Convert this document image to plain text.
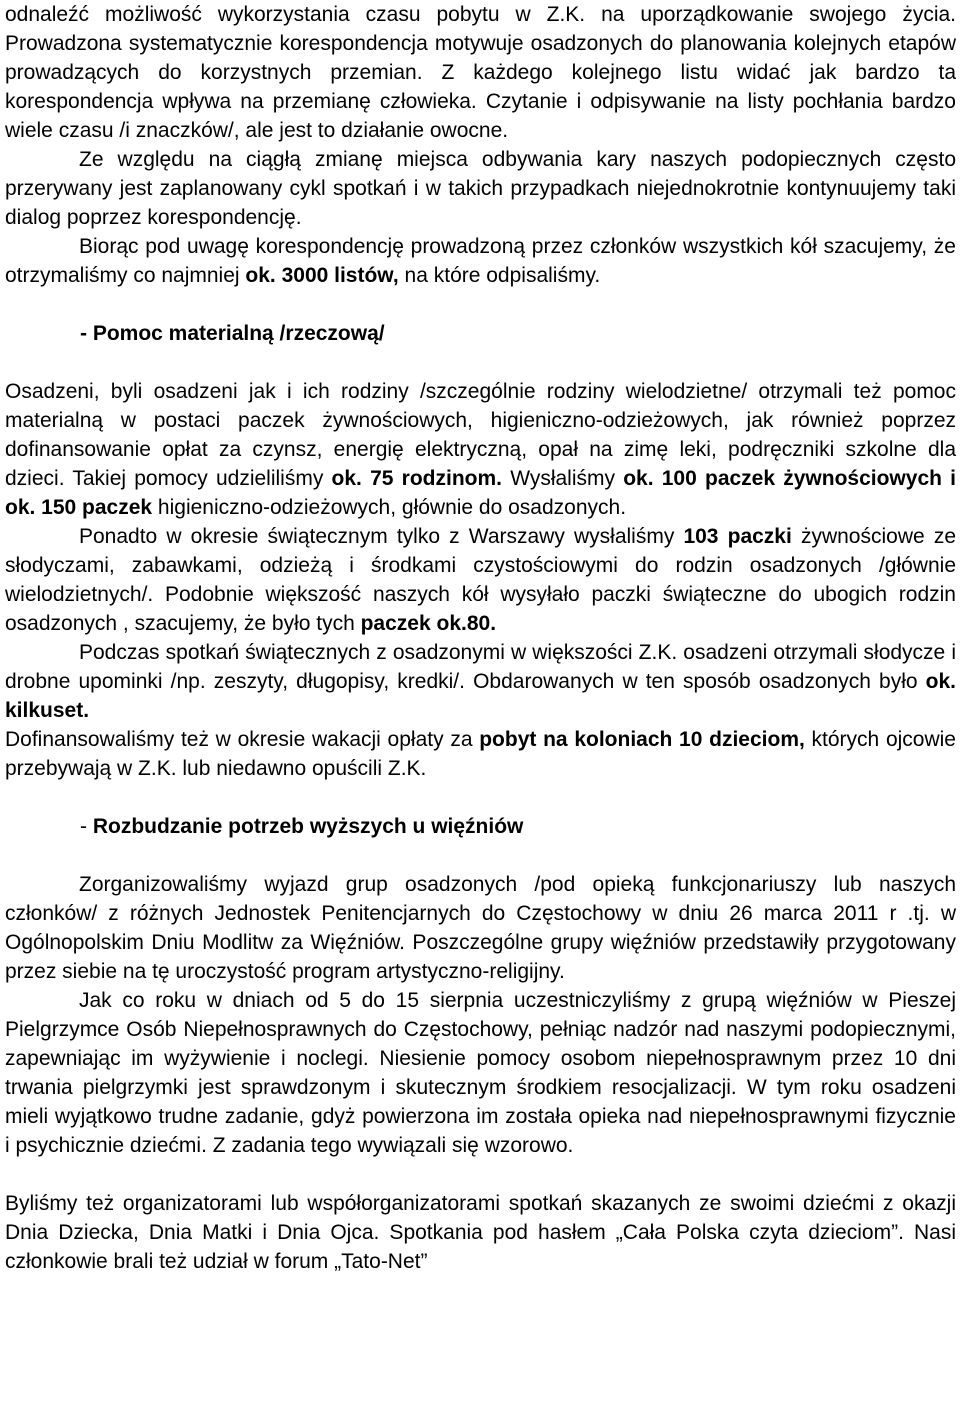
odnaleźć możliwość wykorzystania czasu pobytu w Z.K. na uporządkowanie swojego życia. Prowadzona systematycznie korespondencja motywuje osadzonych do planowania kolejnych etapów prowadzących do korzystnych przemian. Z każdego kolejnego listu widać jak bardzo ta korespondencja wpływa na przemianę człowieka. Czytanie i odpisywanie na listy pochłania bardzo wiele czasu /i znaczków/, ale jest to działanie owocne.

Ze względu na ciągłą zmianę miejsca odbywania kary naszych podopiecznych często przerywany jest zaplanowany cykl spotkań i w takich przypadkach niejednokrotnie kontynuujemy taki dialog poprzez korespondencję.

Biorąc pod uwagę korespondencję prowadzoną przez członków wszystkich kół szacujemy, że otrzymaliśmy co najmniej ok. 3000 listów, na które odpisaliśmy.

- Pomoc materialną /rzeczową/

Osadzeni, byli osadzeni jak i ich rodziny /szczególnie rodziny wielodzietne/ otrzymali też pomoc materialną w postaci paczek żywnościowych, higieniczno-odzieżowych, jak również poprzez dofinansowanie opłat za czynsz, energię elektryczną, opał na zimę leki, podręczniki szkolne dla dzieci. Takiej pomocy udzieliliśmy ok. 75 rodzinom. Wysłaliśmy ok. 100 paczek żywnościowych i ok. 150 paczek higieniczno-odzieżowych, głównie do osadzonych.

Ponadto w okresie świątecznym tylko z Warszawy wysłaliśmy 103 paczki żywnościowe ze słodyczami, zabawkami, odzieżą i środkami czystościowymi do rodzin osadzonych /głównie wielodzietnych/. Podobnie większość naszych kół wysyłało paczki świąteczne do ubogich rodzin osadzonych , szacujemy, że było tych paczek ok.80.

Podczas spotkań świątecznych z osadzonymi w większości Z.K. osadzeni otrzymali słodycze i drobne upominki /np. zeszyty, długopisy, kredki/. Obdarowanych w ten sposób osadzonych było ok. kilkuset.

Dofinansowaliśmy też w okresie wakacji opłaty za pobyt na koloniach 10 dzieciom, których ojcowie przebywają w Z.K. lub niedawno opuścili Z.K.

- Rozbudzanie potrzeb wyższych u więźniów

Zorganizowaliśmy wyjazd grup osadzonych /pod opieką funkcjonariuszy lub naszych członków/ z różnych Jednostek Penitencjarnych do Częstochowy w dniu 26 marca 2011 r .tj. w Ogólnopolskim Dniu Modlitw za Więźniów. Poszczególne grupy więźniów przedstawiły przygotowany przez siebie na tę uroczystość program artystyczno-religijny.

Jak co roku w dniach od 5 do 15 sierpnia uczestniczyliśmy z grupą więźniów w Pieszej Pielgrzymce Osób Niepełnosprawnych do Częstochowy, pełniąc nadzór nad naszymi podopiecznymi, zapewniając im wyżywienie i noclegi. Niesienie pomocy osobom niepełnosprawnym przez 10 dni trwania pielgrzymki jest sprawdzonym i skutecznym środkiem resocjalizacji. W tym roku osadzeni mieli wyjątkowo trudne zadanie, gdyż powierzona im została opieka nad niepełnosprawnymi fizycznie i psychicznie dziećmi. Z zadania tego wywiązali się wzorowo.

Byliśmy też organizatorami lub współorganizatorami spotkań skazanych ze swoimi dziećmi z okazji Dnia Dziecka, Dnia Matki i Dnia Ojca. Spotkania pod hasłem „Cała Polska czyta dzieciom”. Nasi członkowie brali też udział w forum „Tato-Net”
